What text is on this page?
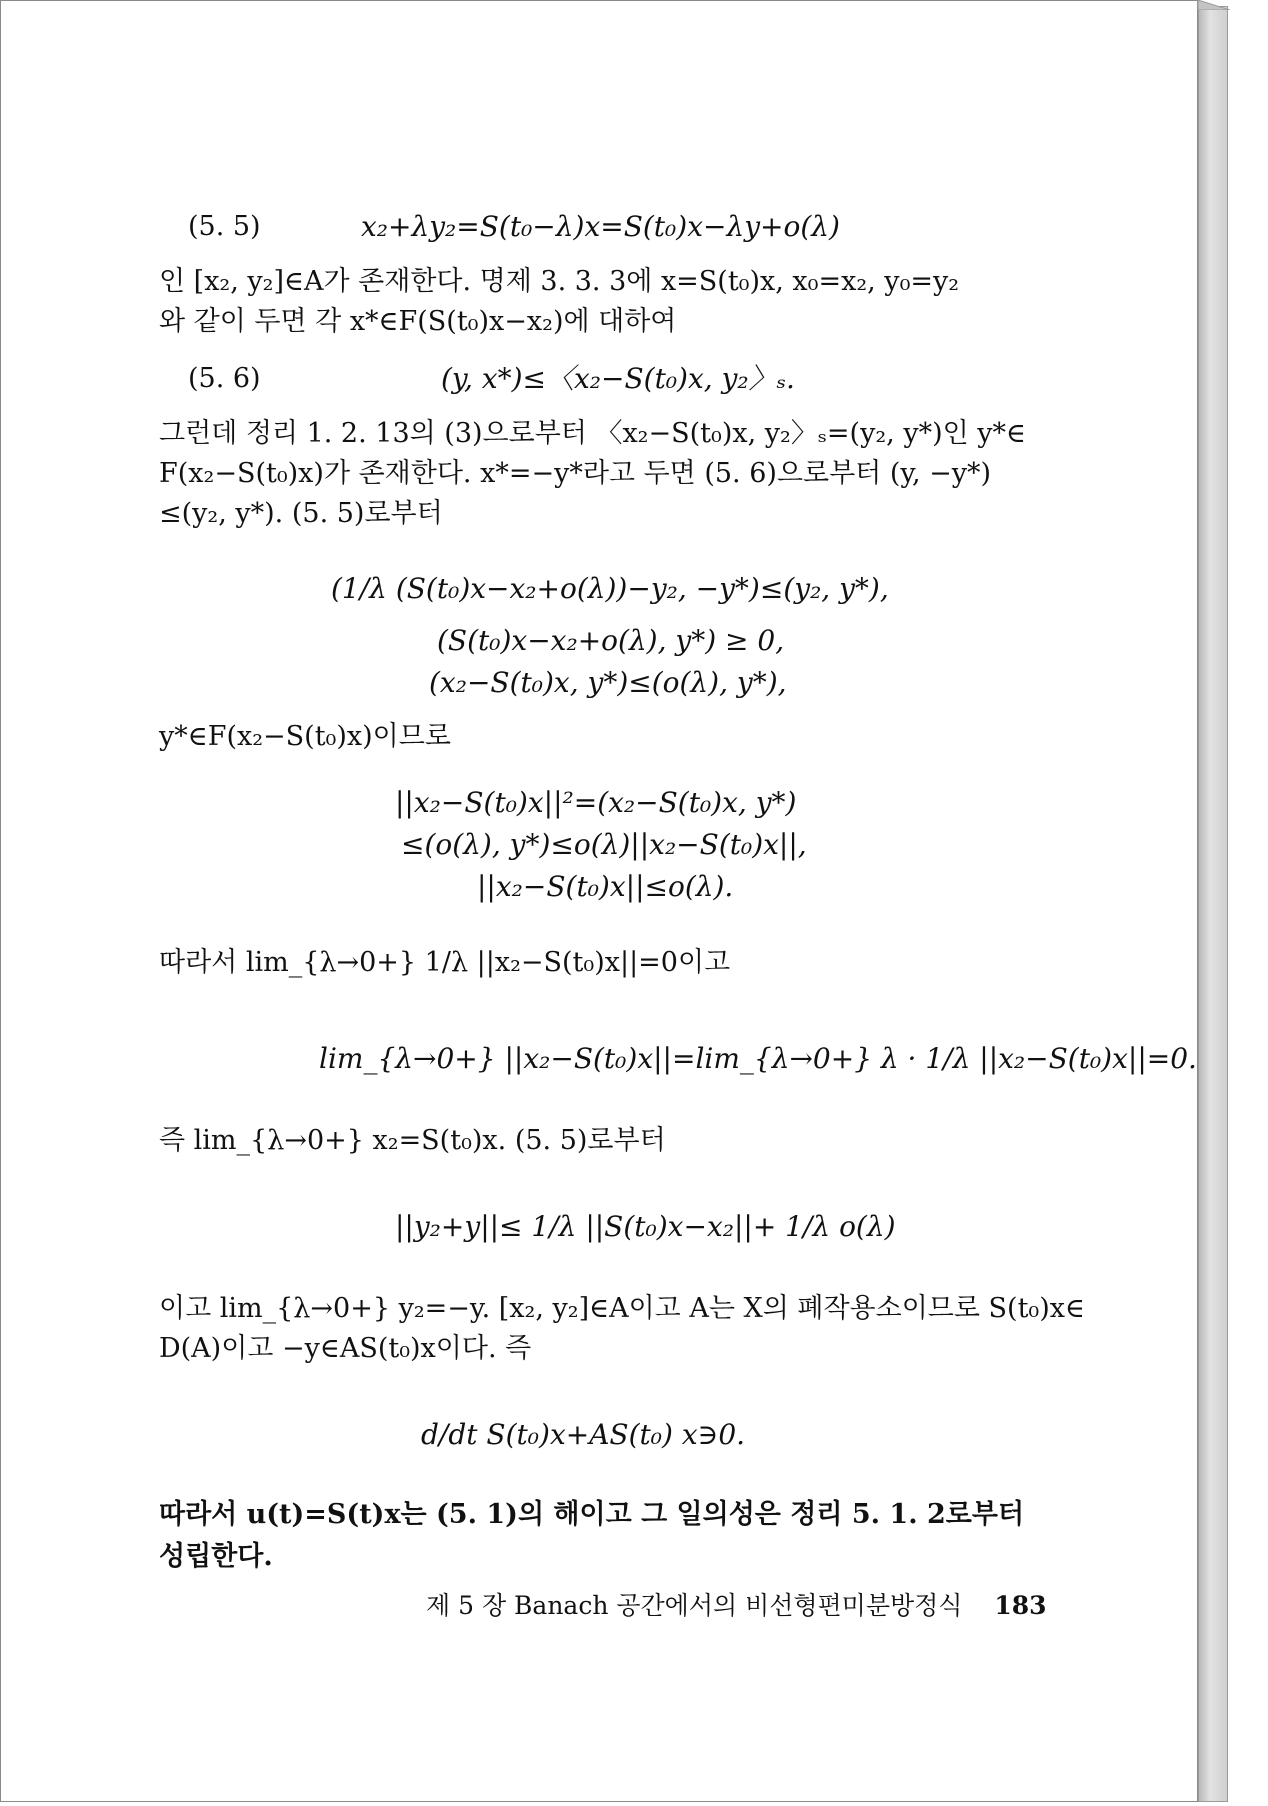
(5. 5)	x₂+λy₂=S(t₀−λ)x=S(t₀)x−λy+o(λ)
인 [x₂, y₂]∈A가 존재한다. 명제 3. 3. 3에 x=S(t₀)x, x₀=x₂, y₀=y₂
와 같이 두면 각 x*∈F(S(t₀)x−x₂)에 대하여
(5. 6)	(y, x*)≤〈x₂−S(t₀)x, y₂〉ₛ.
그런데 정리 1. 2. 13의 (3)으로부터 〈x₂−S(t₀)x, y₂〉ₛ=(y₂, y*)인 y*∈
F(x₂−S(t₀)x)가 존재한다. x*=−y*라고 두면 (5. 6)으로부터 (y, −y*)
≤(y₂, y*). (5. 5)로부터
(1/λ (S(t₀)x−x₂+o(λ))−y₂, −y*)≤(y₂, y*),
(S(t₀)x−x₂+o(λ), y*) ≥ 0,
(x₂−S(t₀)x, y*)≤(o(λ), y*),
y*∈F(x₂−S(t₀)x)이므로
||x₂−S(t₀)x||²=(x₂−S(t₀)x, y*)
≤(o(λ), y*)≤o(λ)||x₂−S(t₀)x||,
||x₂−S(t₀)x||≤o(λ).
따라서 lim_{λ→0+} 1/λ ||x₂−S(t₀)x||=0이고
lim_{λ→0+} ||x₂−S(t₀)x||=lim_{λ→0+} λ · 1/λ ||x₂−S(t₀)x||=0.
즉 lim_{λ→0+} x₂=S(t₀)x. (5. 5)로부터
||y₂+y||≤ 1/λ ||S(t₀)x−x₂||+ 1/λ o(λ)
이고 lim_{λ→0+} y₂=−y. [x₂, y₂]∈A이고 A는 X의 폐작용소이므로 S(t₀)x∈
D(A)이고 −y∈AS(t₀)x이다. 즉
d/dt S(t₀)x+AS(t₀) x∋0.
따라서 u(t)=S(t)x는 (5. 1)의 해이고 그 일의성은 정리 5. 1. 2로부터
성립한다.
제 5 장 Banach 공간에서의 비선형편미분방정식 183
